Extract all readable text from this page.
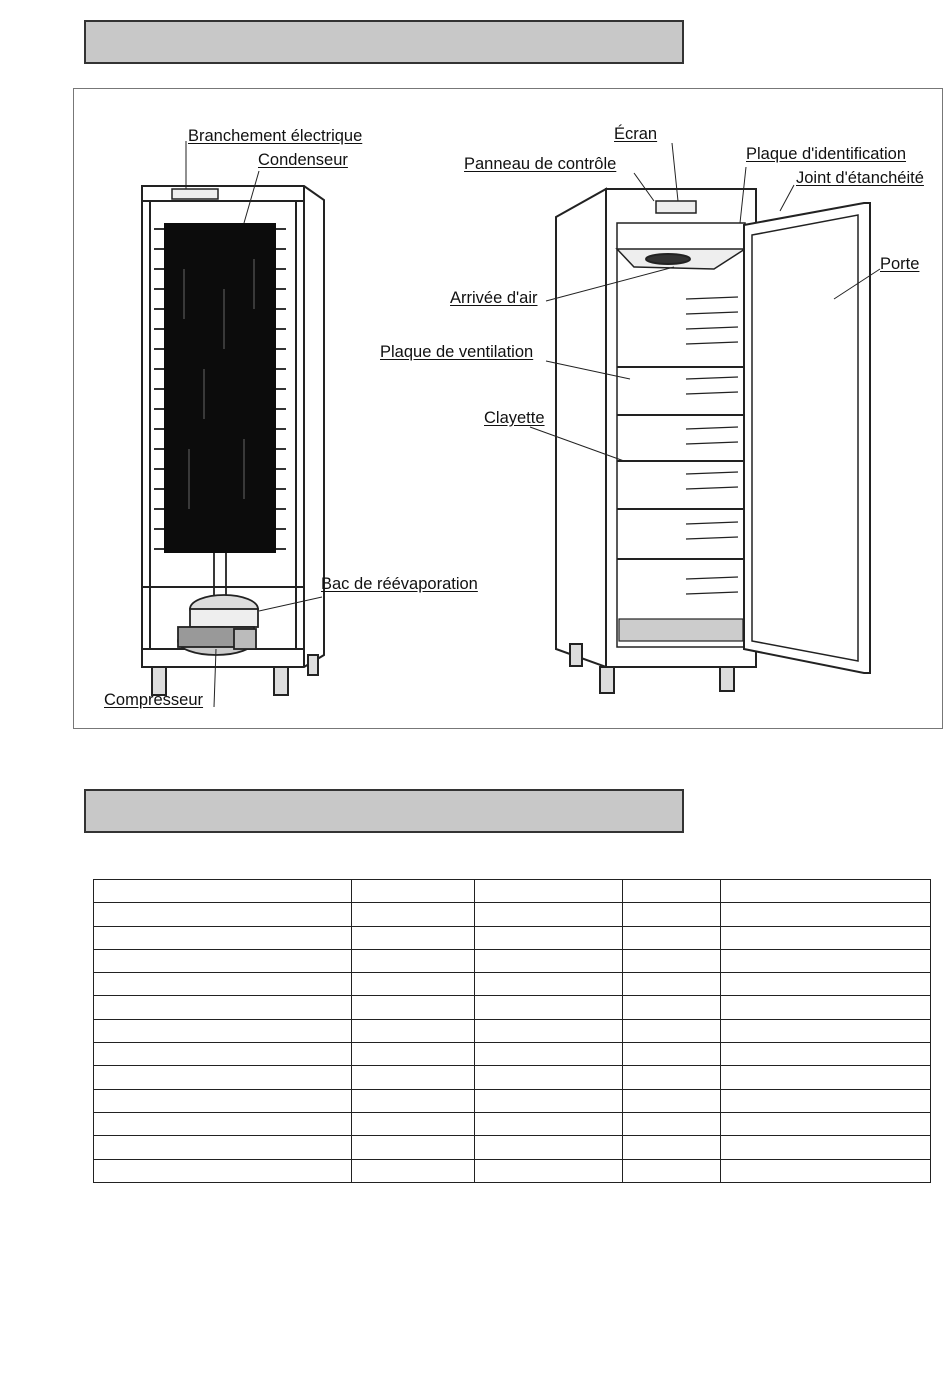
Branchement électrique
Condenseur
Bac de réévaporation
Compresseur
Écran
Panneau de contrôle
Plaque d'identification
Joint d'étanchéité
Porte
Arrivée d'air
Plaque de ventilation
Clayette
